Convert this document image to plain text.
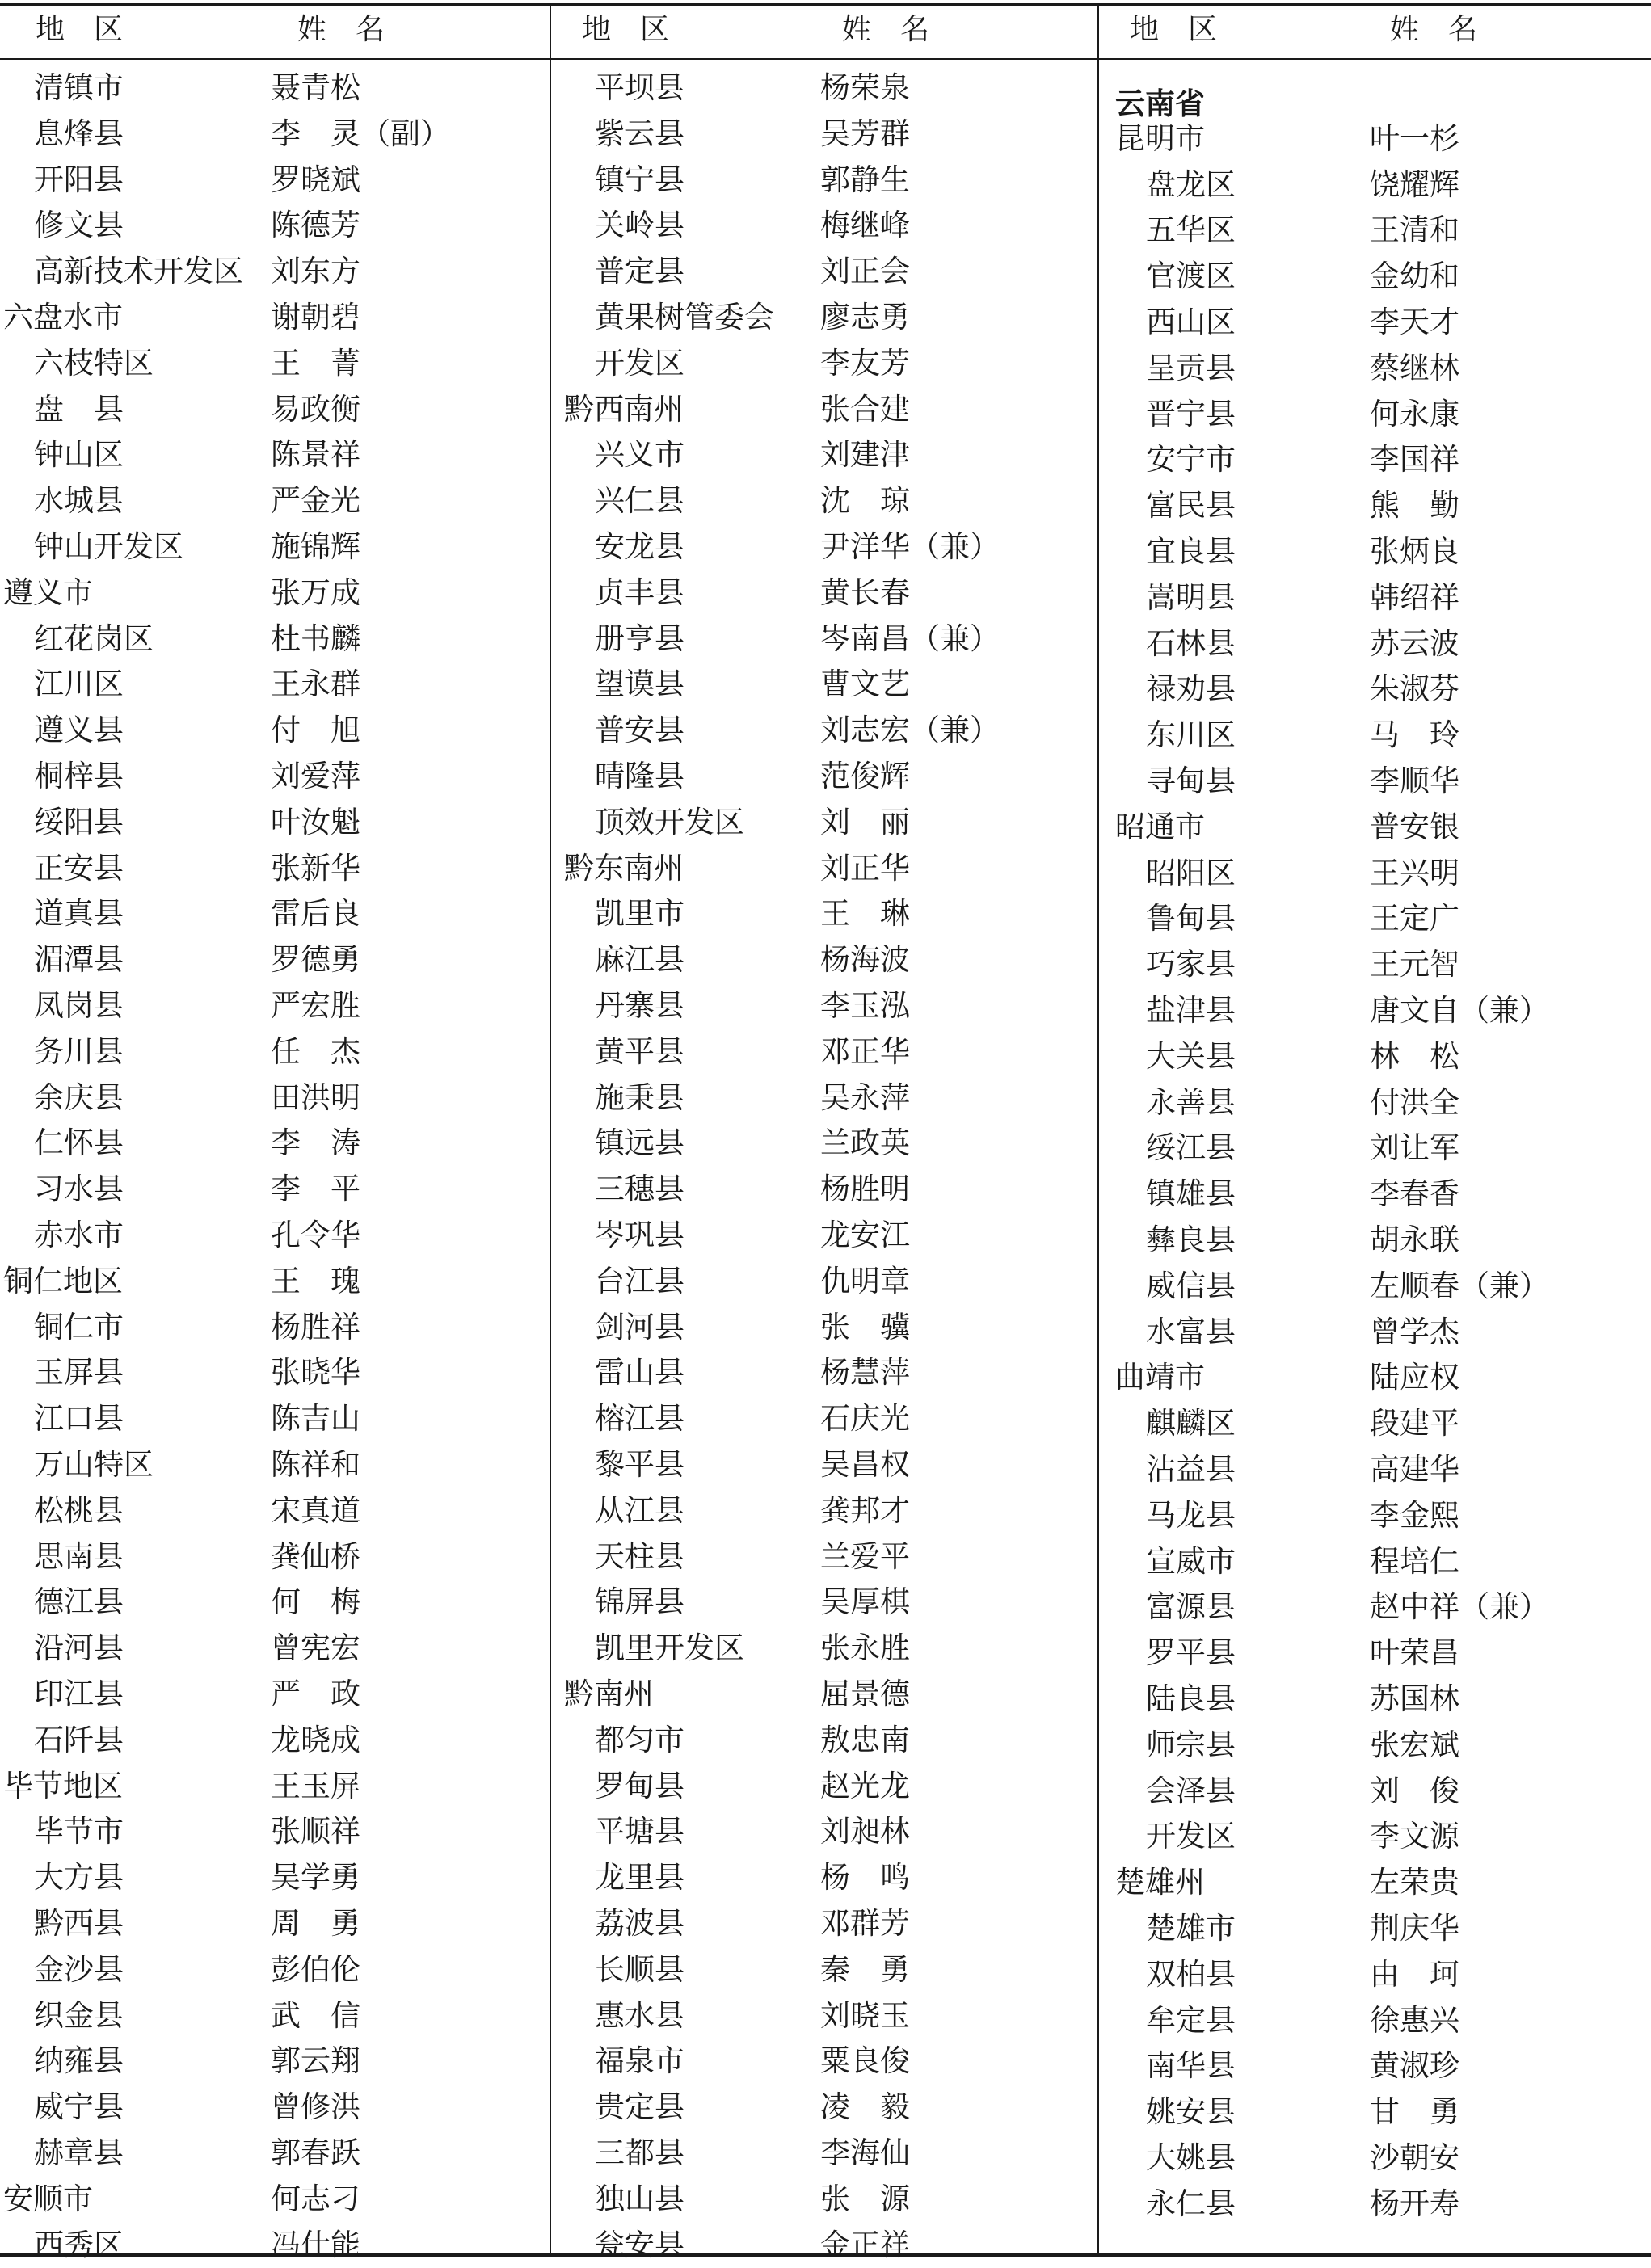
地　区	姓　名
清镇市	聂青松
息烽县	李　灵（副）
开阳县	罗晓斌
修文县	陈德芳
高新技术开发区 刘东方
六盘水市	谢朝碧
六枝特区	王　菁
盘　县	易政衡
钟山区	陈景祥
水城县	严金光
钟山开发区	施锦辉
遵义市	张万成
红花岗区	杜书麟
江川区	王永群
遵义县	付　旭
桐梓县	刘爱萍
绥阳县	叶汝魁
正安县	张新华
道真县	雷后良
湄潭县	罗德勇
凤岗县	严宏胜
务川县	任　杰
余庆县	田洪明
仁怀县	李　涛
习水县	李　平
赤水市	孔令华
铜仁地区	王　瑰
铜仁市	杨胜祥
玉屏县	张晓华
江口县	陈吉山
万山特区	陈祥和
松桃县	宋真道
思南县	龚仙桥
德江县	何　梅
沿河县	曾宪宏
印江县	严　政
石阡县	龙晓成
毕节地区	王玉屏
毕节市	张顺祥
大方县	吴学勇
黔西县	周　勇
金沙县	彭伯伦
织金县	武　信
纳雍县	郭云翔
威宁县	曾修洪
赫章县	郭春跃
安顺市	何志刁
西秀区	冯仕能
地　区	姓　名
平坝县	杨荣泉
紫云县	吴芳群
镇宁县	郭静生
关岭县	梅继峰
普定县	刘正会
黄果树管委会 廖志勇
开发区	李友芳
黔西南州	张合建
兴义市	刘建津
兴仁县	沈　琼
安龙县	尹洋华（兼）
贞丰县	黄长春
册亨县	岑南昌（兼）
望谟县	曹文艺
普安县	刘志宏（兼）
晴隆县	范俊辉
顶效开发区	刘　丽
黔东南州	刘正华
凯里市	王　琳
麻江县	杨海波
丹寨县	李玉泓
黄平县	邓正华
施秉县	吴永萍
镇远县	兰政英
三穗县	杨胜明
岑巩县	龙安江
台江县	仇明章
剑河县	张　骥
雷山县	杨慧萍
榕江县	石庆光
黎平县	吴昌权
从江县	龚邦才
天柱县	兰爱平
锦屏县	吴厚棋
凯里开发区	张永胜
黔南州	屈景德
都匀市	敖忠南
罗甸县	赵光龙
平塘县	刘昶林
龙里县	杨　鸣
荔波县	邓群芳
长顺县	秦　勇
惠水县	刘晓玉
福泉市	粟良俊
贵定县	凌　毅
三都县	李海仙
独山县	张　源
瓮安县	金正祥
地　区	姓　名
云南省
昆明市	叶一杉
盘龙区	饶耀辉
五华区	王清和
官渡区	金幼和
西山区	李天才
呈贡县	蔡继林
晋宁县	何永康
安宁市	李国祥
富民县	熊　勤
宜良县	张炳良
嵩明县	韩绍祥
石林县	苏云波
禄劝县	朱淑芬
东川区	马　玲
寻甸县	李顺华
昭通市	普安银
昭阳区	王兴明
鲁甸县	王定广
巧家县	王元智
盐津县	唐文自（兼）
大关县	林　松
永善县	付洪全
绥江县	刘让军
镇雄县	李春香
彝良县	胡永联
威信县	左顺春（兼）
水富县	曾学杰
曲靖市	陆应权
麒麟区	段建平
沾益县	高建华
马龙县	李金熙
宣威市	程培仁
富源县	赵中祥（兼）
罗平县	叶荣昌
陆良县	苏国林
师宗县	张宏斌
会泽县	刘　俊
开发区	李文源
楚雄州	左荣贵
楚雄市	荆庆华
双柏县	由　珂
牟定县	徐惠兴
南华县	黄淑珍
姚安县	甘　勇
大姚县	沙朝安
永仁县	杨开寿
